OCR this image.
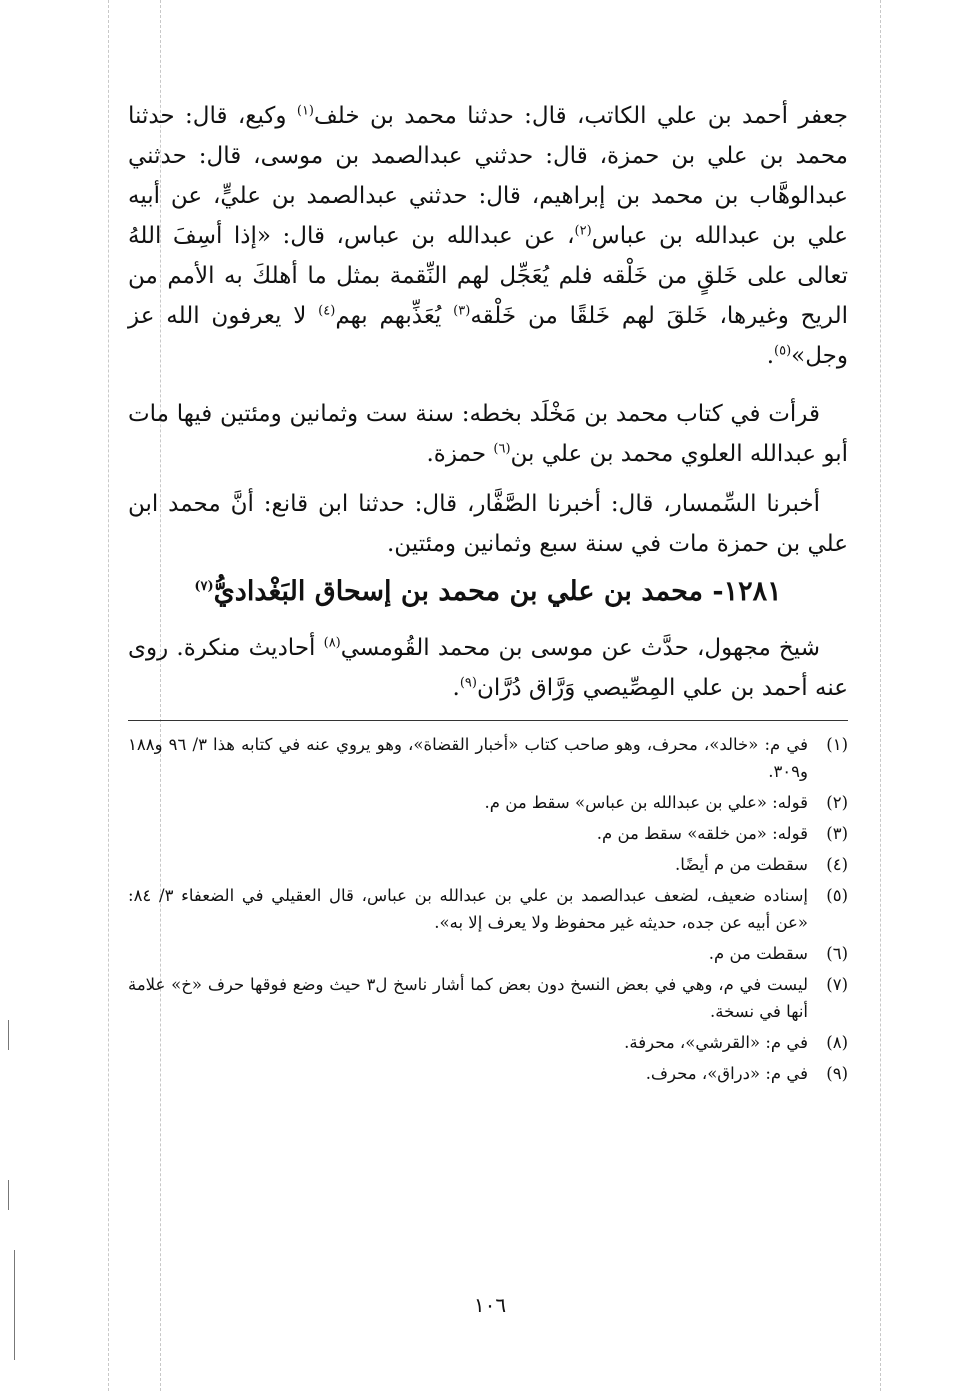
جعفر أحمد بن علي الكاتب، قال: حدثنا محمد بن خلف$^{(١)}$ وكيع، قال: حدثنا محمد بن علي بن حمزة، قال: حدثني عبدالصمد بن موسى، قال: حدثني عبدالوهَّاب بن محمد بن إبراهيم، قال: حدثني عبدالصمد بن عليٍّ، عن أبيه علي بن عبدالله بن عباس$^{(٢)}$، عن عبدالله بن عباس، قال: «إذا أسِفَ اللهُ تعالى على خَلقٍ من خَلْقه فلم يُعَجِّل لهم النِّقمة بمثل ما أهلكَ به الأمم من الريح وغيرها، خَلقَ لهم خَلقًا من خَلْقه$^{(٣)}$ يُعَذِّبهم بهم$^{(٤)}$ لا يعرفون الله عز وجل»$^{(٥)}$.

قرأت في كتاب محمد بن مَخْلَد بخطه: سنة ست وثمانين ومئتين فيها مات أبو عبدالله العلوي محمد بن علي بن$^{(٦)}$ حمزة.

أخبرنا السِّمسار، قال: أخبرنا الصَّفَّار، قال: حدثنا ابن قانع: أنَّ محمد ابن علي بن حمزة مات في سنة سبع وثمانين ومئتين.

١٢٨١- محمد بن علي بن محمد بن إسحاق البَغْداديُّ$^{(٧)}$

شيخ مجهول، حدَّث عن موسى بن محمد القُومسي$^{(٨)}$ أحاديث منكرة. روى عنه أحمد بن علي المِصِّيصي وَرَّاق دُرَّان$^{(٩)}$.

(١)
في م: «خالد»، محرف، وهو صاحب كتاب «أخبار القضاة»، وهو يروي عنه في كتابه هذا ٣/ ٩٦ و١٨٨ و٣٠٩.
(٢)
قوله: «علي بن عبدالله بن عباس» سقط من م.
(٣)
قوله: «من خلقه» سقط من م.
(٤)
سقطت من م أيضًا.
(٥)
إسناده ضعيف، لضعف عبدالصمد بن علي بن عبدالله بن عباس، قال العقيلي في الضعفاء ٣/ ٨٤: «عن أبيه عن جده، حديثه غير محفوظ ولا يعرف إلا به».
(٦)
سقطت من م.
(٧)
ليست في م، وهي في بعض النسخ دون بعض كما أشار ناسخ ل٣ حيث وضع فوقها حرف «خ» علامة أنها في نسخة.
(٨)
في م: «القرشي»، محرفة.
(٩)
في م: «دراق»، محرف.
١٠٦
